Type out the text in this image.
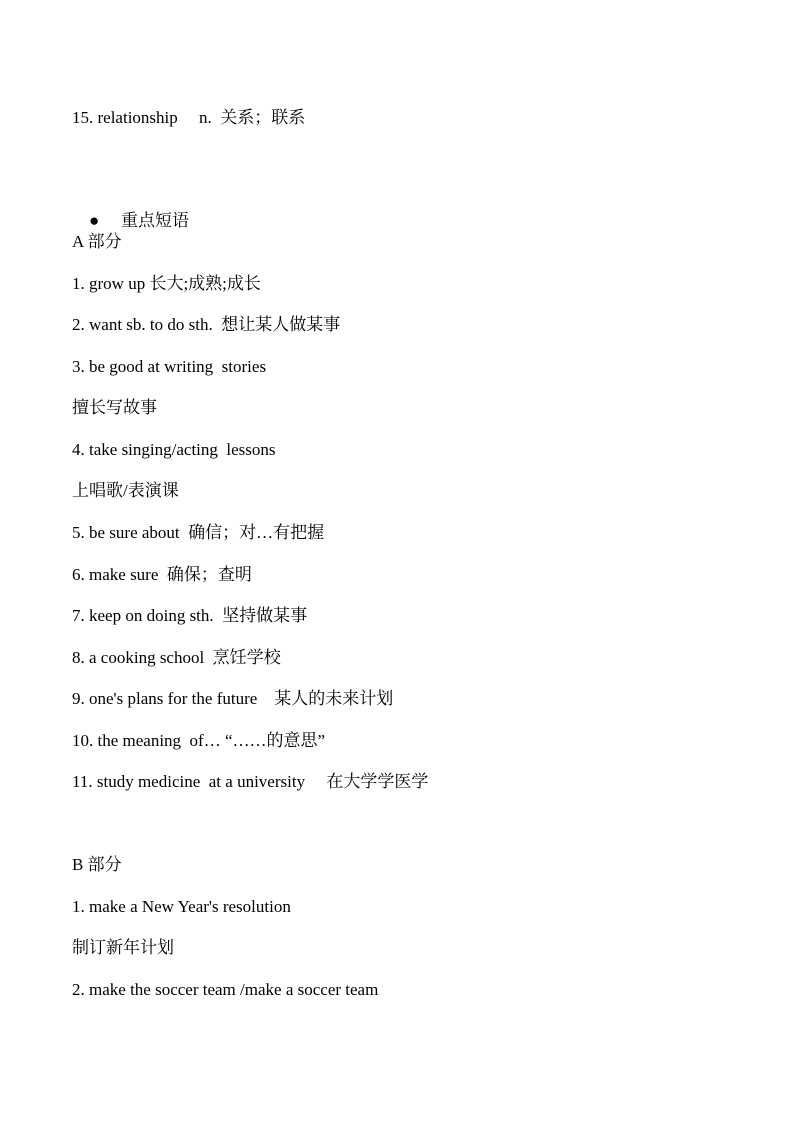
15. relationship     n.  关系；联系

● 重点短语

A 部分
1. grow up 长大;成熟;成长
2. want sb. to do sth.  想让某人做某事
3. be good at writing  stories
擅长写故事
4. take singing/acting  lessons
上唱歌/表演课
5. be sure about  确信；对…有把握
6. make sure  确保；查明
7. keep on doing sth.  坚持做某事
8. a cooking school  烹饪学校
9. one's plans for the future    某人的未来计划
10. the meaning  of… “……的意思”
11. study medicine  at a university     在大学学医学
B 部分
1. make a New Year's resolution
制订新年计划
2. make the soccer team /make a soccer team
